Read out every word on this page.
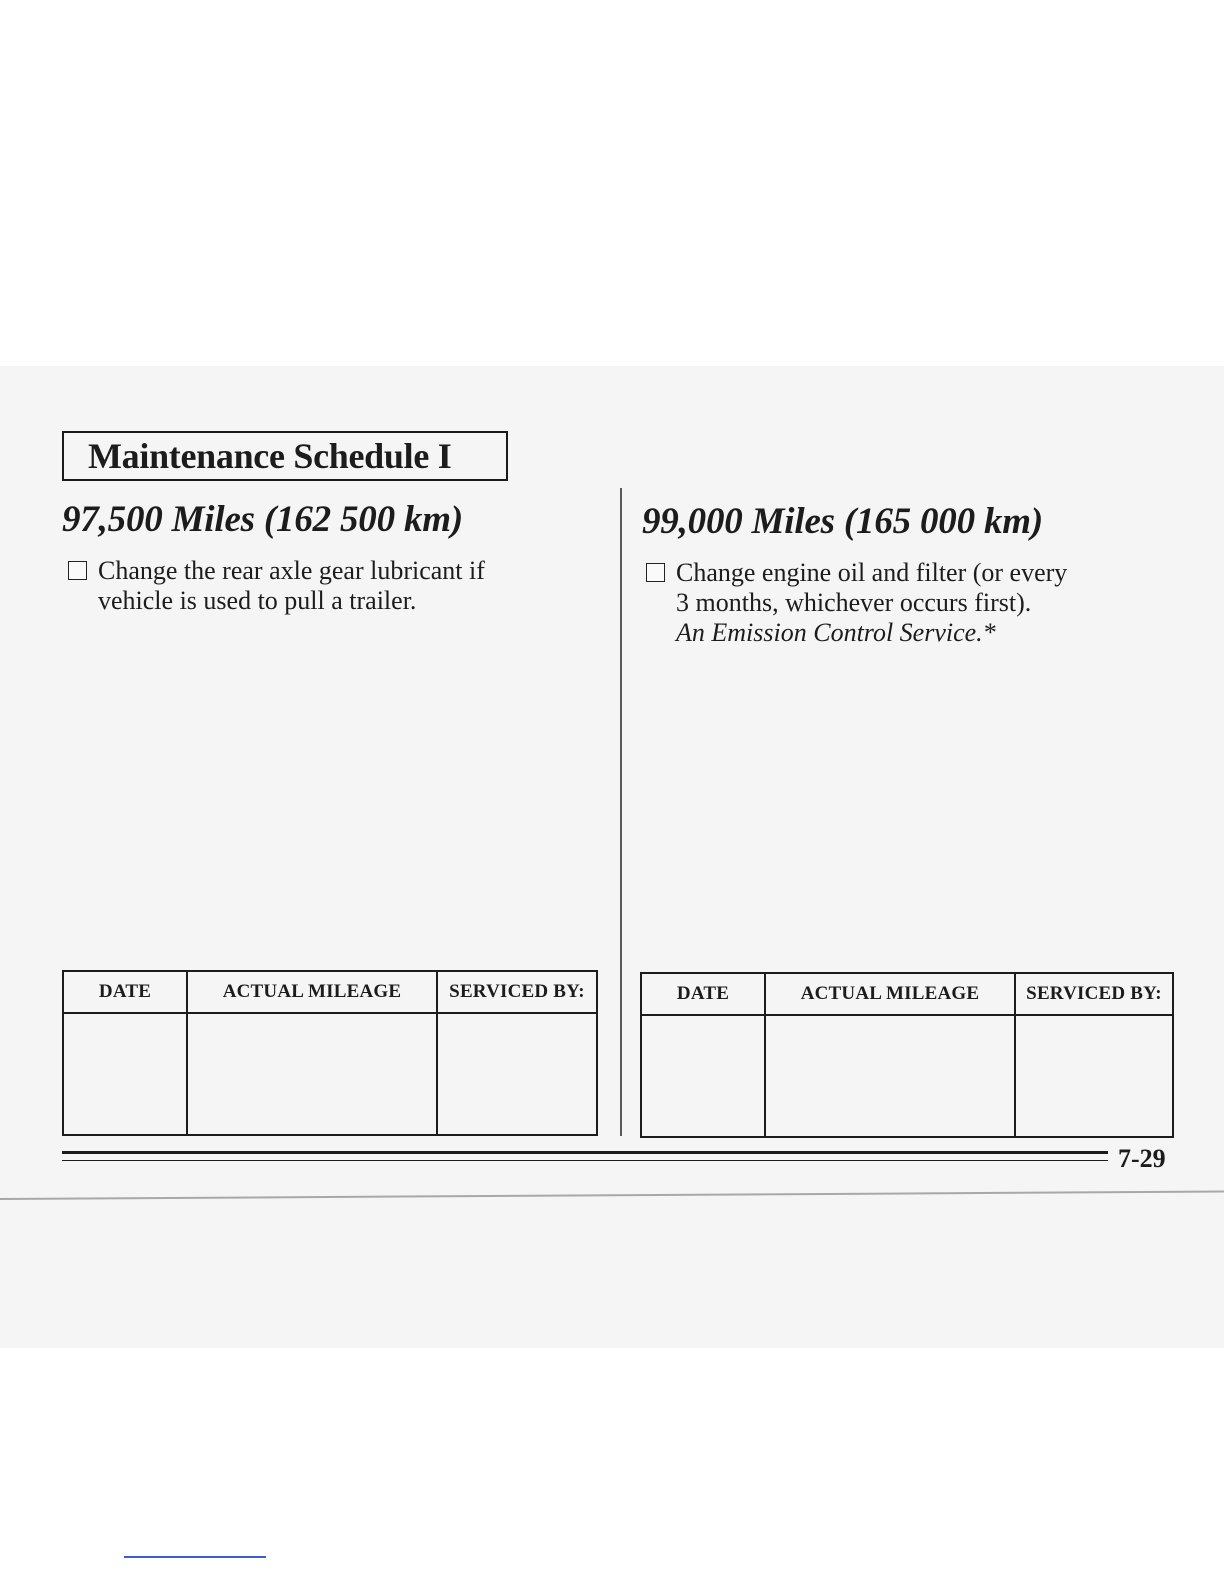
Maintenance Schedule I
97,500 Miles (162 500 km)
Change the rear axle gear lubricant if
vehicle is used to pull a trailer.
99,000 Miles (165 000 km)
Change engine oil and filter (or every
3 months, whichever occurs first).
An Emission Control Service.*
DATE	ACTUAL MILEAGE	SERVICED BY:
			DATE	ACTUAL MILEAGE	SERVICED BY:

7-29
